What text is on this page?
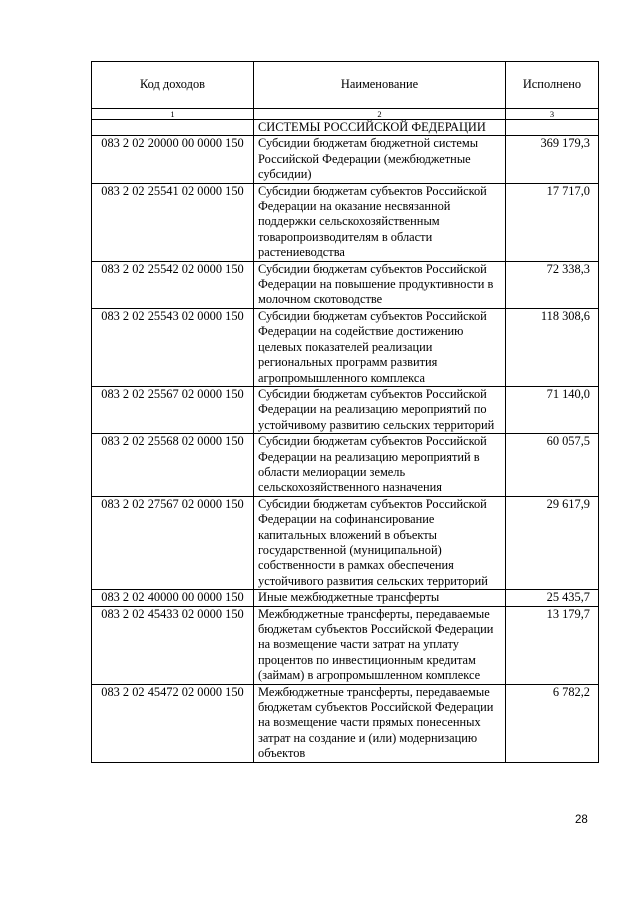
Код доходов	Наименование	Исполнено
1	2	3
	СИСТЕМЫ РОССИЙСКОЙ ФЕДЕРАЦИИ	
083 2 02 20000 00 0000 150	Субсидии бюджетам бюджетной системы Российской Федерации (межбюджетные субсидии)	369 179,3
083 2 02 25541 02 0000 150	Субсидии бюджетам субъектов Российской Федерации на оказание несвязанной поддержки сельскохозяйственным товаропроизводителям в области растениеводства	17 717,0
083 2 02 25542 02 0000 150	Субсидии бюджетам субъектов Российской Федерации на повышение продуктивности в молочном скотоводстве	72 338,3
083 2 02 25543 02 0000 150	Субсидии бюджетам субъектов Российской Федерации на содействие достижению целевых показателей реализации региональных программ развития агропромышленного комплекса	118 308,6
083 2 02 25567 02 0000 150	Субсидии бюджетам субъектов Российской Федерации на реализацию мероприятий по устойчивому развитию сельских территорий	71 140,0
083 2 02 25568 02 0000 150	Субсидии бюджетам субъектов Российской Федерации на реализацию мероприятий в области мелиорации земель сельскохозяйственного назначения	60 057,5
083 2 02 27567 02 0000 150	Субсидии бюджетам субъектов Российской Федерации на софинансирование капитальных вложений в объекты государственной (муниципальной) собственности в рамках обеспечения устойчивого развития сельских территорий	29 617,9
083 2 02 40000 00 0000 150	Иные межбюджетные трансферты	25 435,7
083 2 02 45433 02 0000 150	Межбюджетные трансферты, передаваемые бюджетам субъектов Российской Федерации на возмещение части затрат на уплату процентов по инвестиционным кредитам (займам) в агропромышленном комплексе	13 179,7
083 2 02 45472 02 0000 150	Межбюджетные трансферты, передаваемые бюджетам субъектов Российской Федерации на возмещение части прямых понесенных затрат на создание и (или) модернизацию объектов	6 782,2
28
